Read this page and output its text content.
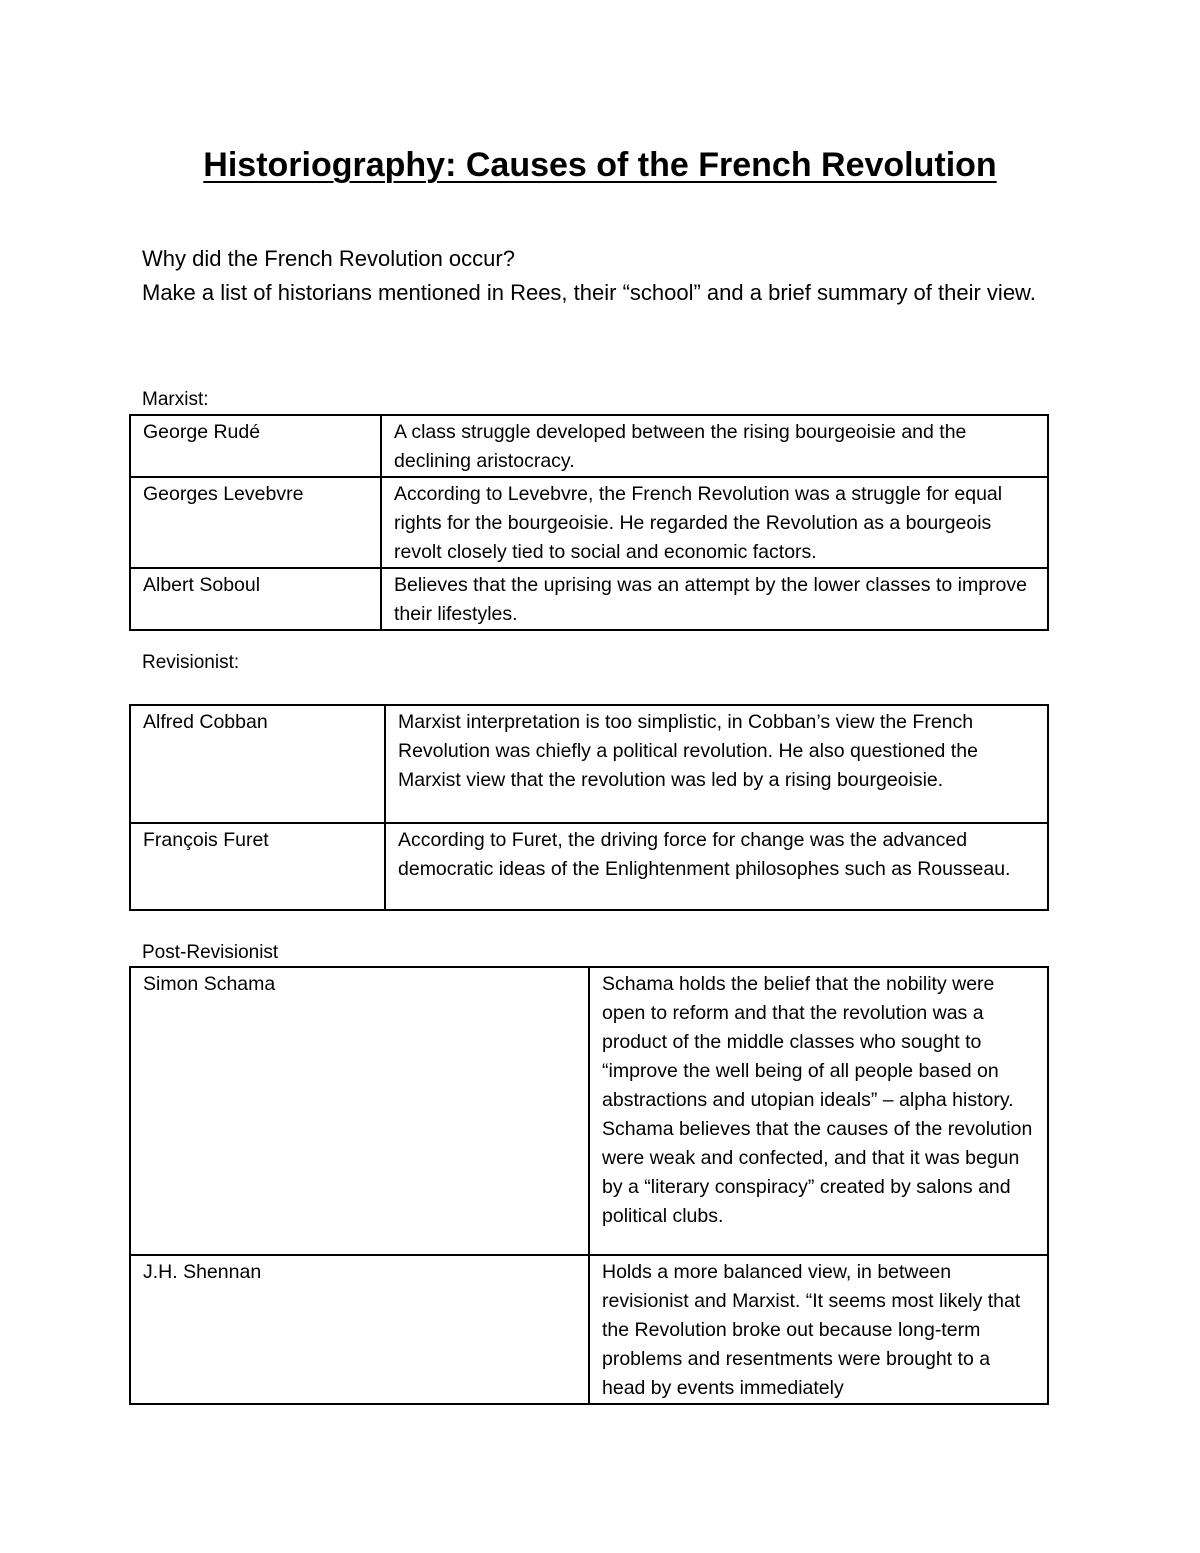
Historiography: Causes of the French Revolution

Why did the French Revolution occur?

Make a list of historians mentioned in Rees, their “school” and a brief summary of their view.

Marxist:

George Rudé	A class struggle developed between the rising bourgeoisie and the declining aristocracy.
Georges Levebvre	According to Levebvre, the French Revolution was a struggle for equal rights for the bourgeoisie. He regarded the Revolution as a bourgeois revolt closely tied to social and economic factors.
Albert Soboul	Believes that the uprising was an attempt by the lower classes to improve their lifestyles.

Revisionist:

Alfred Cobban	Marxist interpretation is too simplistic, in Cobban’s view the French Revolution was chiefly a political revolution. He also questioned the Marxist view that the revolution was led by a rising bourgeoisie.
François Furet	According to Furet, the driving force for change was the advanced democratic ideas of the Enlightenment philosophes such as Rousseau.

Post-Revisionist

Simon Schama	Schama holds the belief that the nobility were open to reform and that the revolution was a product of the middle classes who sought to “improve the well being of all people based on abstractions and utopian ideals” – alpha history. Schama believes that the causes of the revolution were weak and confected, and that it was begun by a “literary conspiracy” created by salons and political clubs.
J.H. Shennan	Holds a more balanced view, in between revisionist and Marxist. “It seems most likely that the Revolution broke out because long-term problems and resentments were brought to a head by events immediately
